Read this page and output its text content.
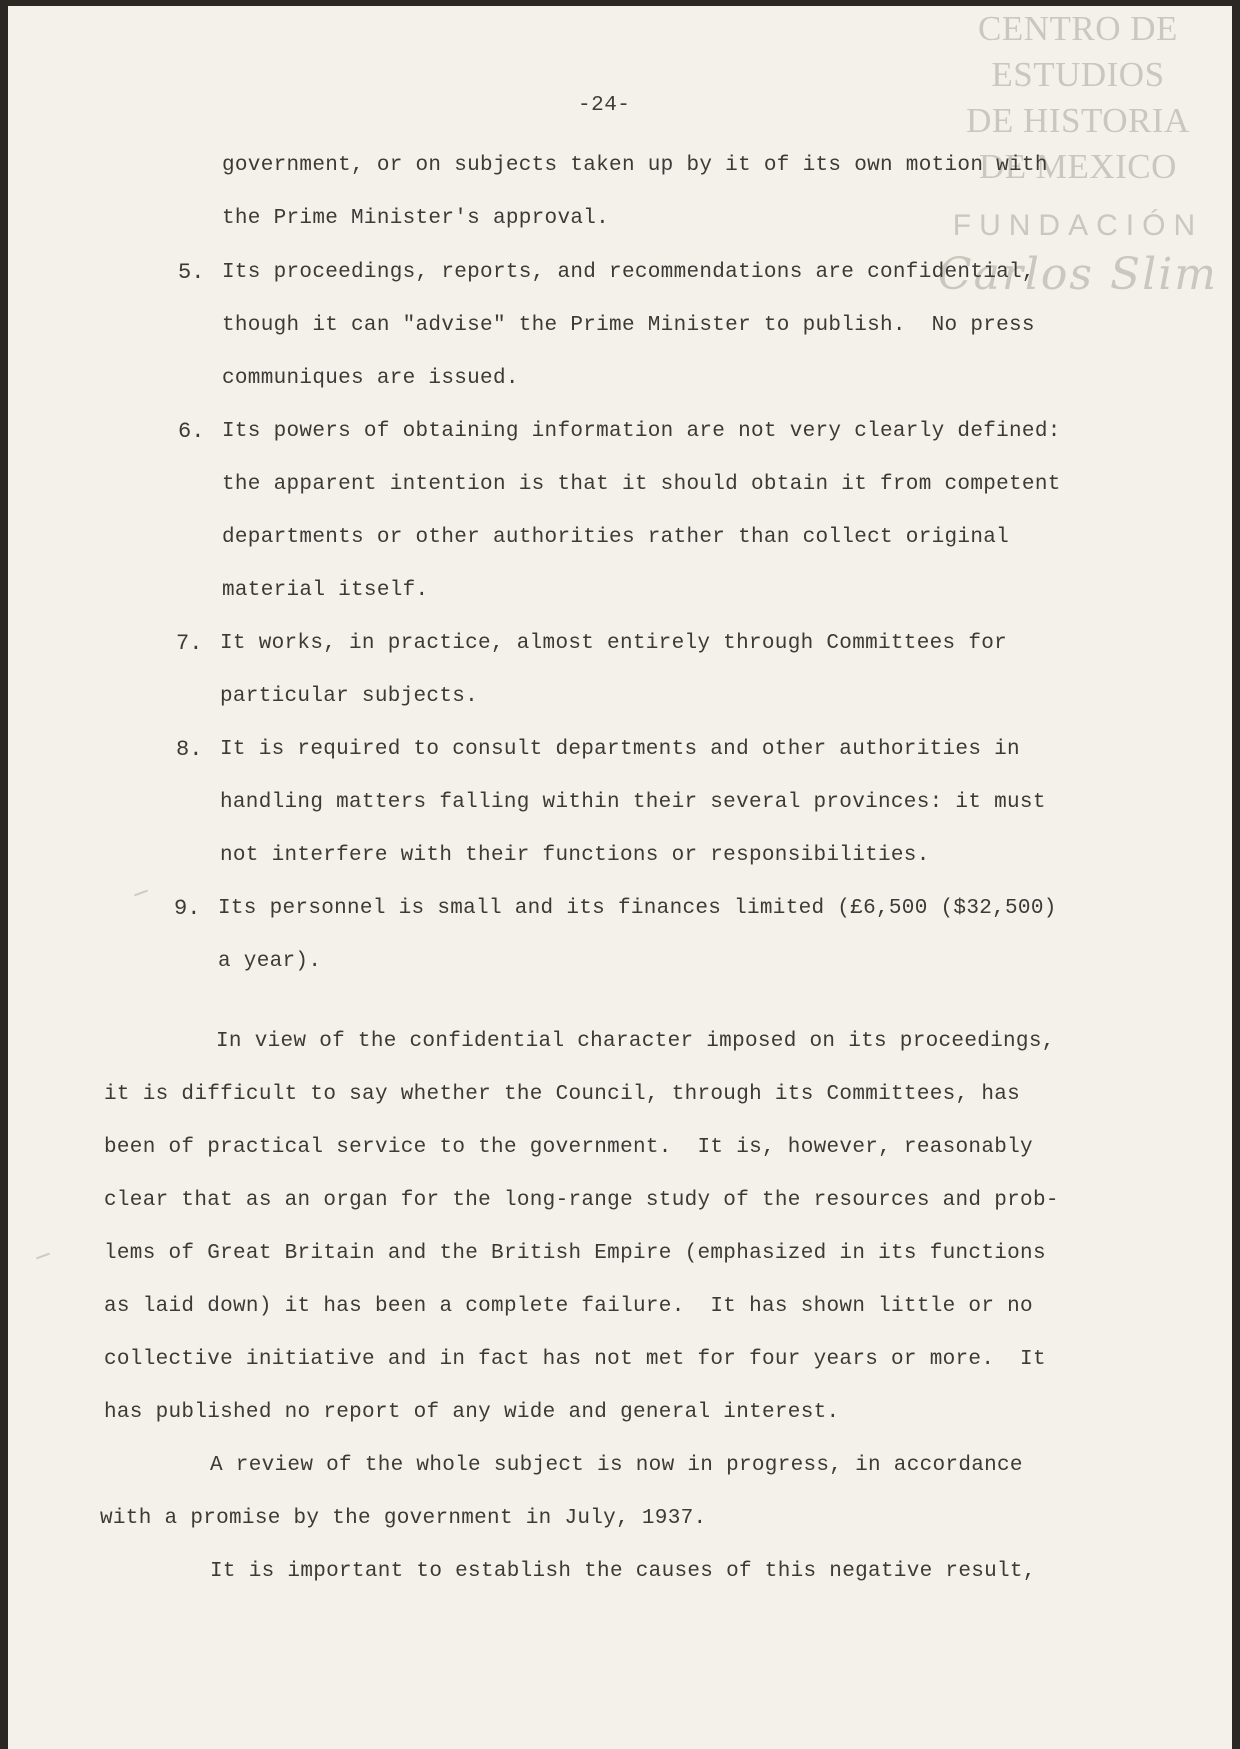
CENTRO DE
ESTUDIOS
DE HISTORIA
DE MEXICO
FUNDACIÓN
Carlos Slim
-24-
government, or on subjects taken up by it of its own motion with
the Prime Minister's approval.
5. Its proceedings, reports, and recommendations are confidential,
though it can "advise" the Prime Minister to publish.  No press
communiques are issued.
6. Its powers of obtaining information are not very clearly defined:
the apparent intention is that it should obtain it from competent
departments or other authorities rather than collect original
material itself.
7. It works, in practice, almost entirely through Committees for
particular subjects.
8. It is required to consult departments and other authorities in
handling matters falling within their several provinces: it must
not interfere with their functions or responsibilities.
9. Its personnel is small and its finances limited (£6,500 ($32,500)
a year).
In view of the confidential character imposed on its proceedings,
it is difficult to say whether the Council, through its Committees, has
been of practical service to the government.  It is, however, reasonably
clear that as an organ for the long-range study of the resources and prob-
lems of Great Britain and the British Empire (emphasized in its functions
as laid down) it has been a complete failure.  It has shown little or no
collective initiative and in fact has not met for four years or more.  It
has published no report of any wide and general interest.
A review of the whole subject is now in progress, in accordance
with a promise by the government in July, 1937.
It is important to establish the causes of this negative result,
